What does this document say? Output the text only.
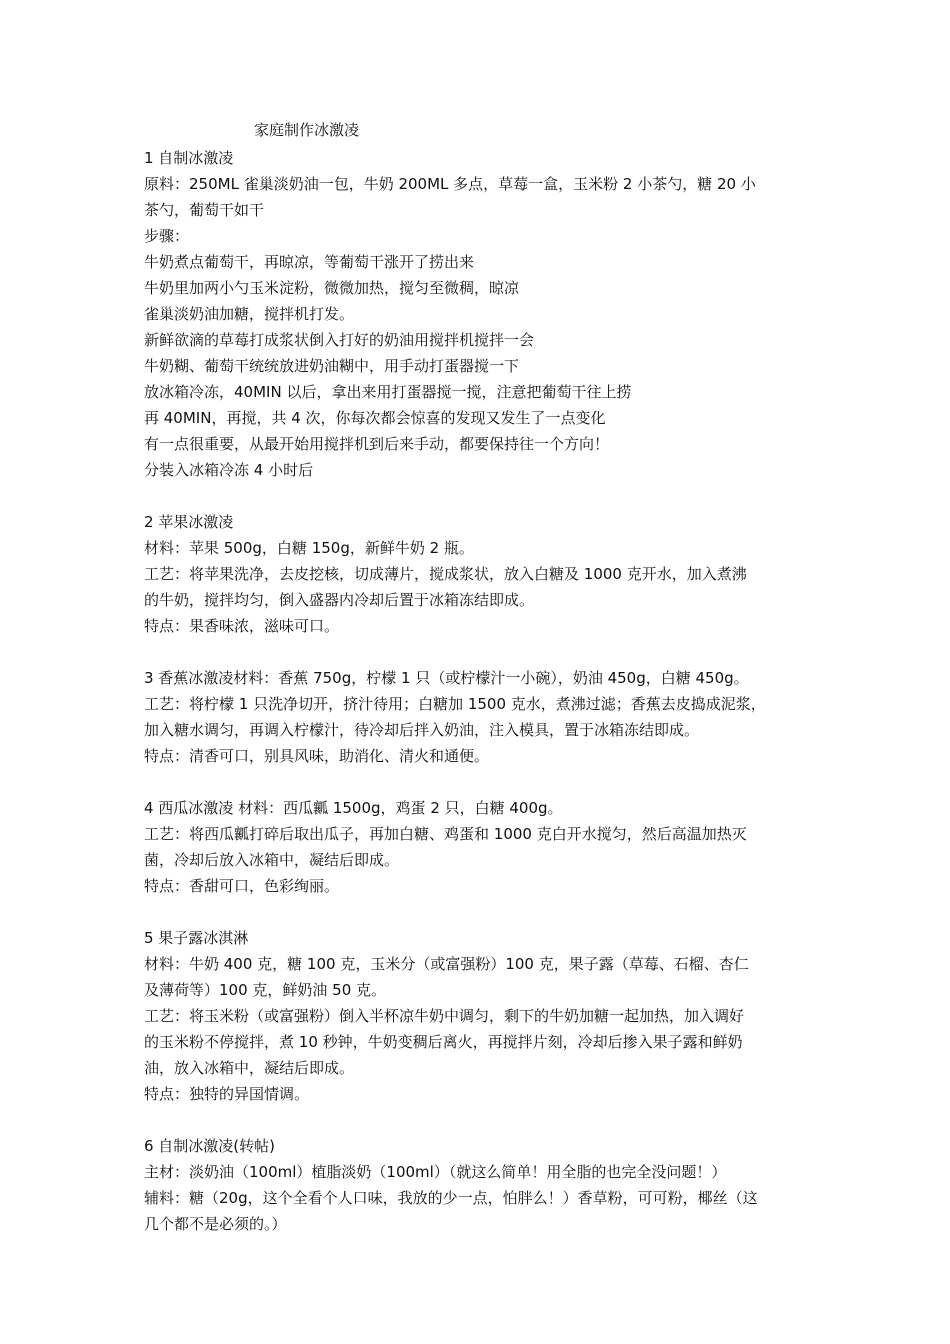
家庭制作冰激凌
1 自制冰激凌
原料：250ML 雀巢淡奶油一包，牛奶 200ML 多点，草莓一盒，玉米粉 2 小茶勺，糖 20 小
茶勺，葡萄干如干
步骤：
牛奶煮点葡萄干，再晾凉，等葡萄干涨开了捞出来
牛奶里加两小勺玉米淀粉，微微加热，搅匀至微稠，晾凉
雀巢淡奶油加糖，搅拌机打发。
新鲜欲滴的草莓打成浆状倒入打好的奶油用搅拌机搅拌一会
牛奶糊、葡萄干统统放进奶油糊中，用手动打蛋器搅一下
放冰箱冷冻，40MIN 以后，拿出来用打蛋器搅一搅，注意把葡萄干往上捞
再 40MIN，再搅，共 4 次，你每次都会惊喜的发现又发生了一点变化
有一点很重要，从最开始用搅拌机到后来手动，都要保持往一个方向！
分装入冰箱冷冻 4 小时后
2 苹果冰激凌
材料：苹果 500g，白糖 150g，新鲜牛奶 2 瓶。
工艺：将苹果洗净，去皮挖核，切成薄片，搅成浆状，放入白糖及 1000 克开水，加入煮沸
的牛奶，搅拌均匀，倒入盛器内冷却后置于冰箱冻结即成。
特点：果香味浓，滋味可口。
3 香蕉冰激凌材料：香蕉 750g，柠檬 1 只（或柠檬汁一小碗），奶油 450g，白糖 450g。
工艺：将柠檬 1 只洗净切开，挤汁待用；白糖加 1500 克水，煮沸过滤；香蕉去皮捣成泥浆，
加入糖水调匀，再调入柠檬汁，待冷却后拌入奶油，注入模具，置于冰箱冻结即成。
特点：清香可口，别具风味，助消化、清火和通便。
4 西瓜冰激凌 材料：西瓜瓤 1500g，鸡蛋 2 只，白糖 400g。
工艺：将西瓜瓤打碎后取出瓜子，再加白糖、鸡蛋和 1000 克白开水搅匀，然后高温加热灭
菌，冷却后放入冰箱中，凝结后即成。
特点：香甜可口，色彩绚丽。
5 果子露冰淇淋
材料：牛奶 400 克，糖 100 克，玉米分（或富强粉）100 克，果子露（草莓、石榴、杏仁
及薄荷等）100 克，鲜奶油 50 克。
工艺：将玉米粉（或富强粉）倒入半杯凉牛奶中调匀，剩下的牛奶加糖一起加热，加入调好
的玉米粉不停搅拌，煮 10 秒钟，牛奶变稠后离火，再搅拌片刻，冷却后掺入果子露和鲜奶
油，放入冰箱中，凝结后即成。
特点：独特的异国情调。
6 自制冰激凌(转帖)
主材：淡奶油（100ml）植脂淡奶（100ml）（就这么简单！用全脂的也完全没问题！）
辅料：糖（20g，这个全看个人口味，我放的少一点，怕胖么！）香草粉，可可粉，椰丝（这
几个都不是必须的。）
